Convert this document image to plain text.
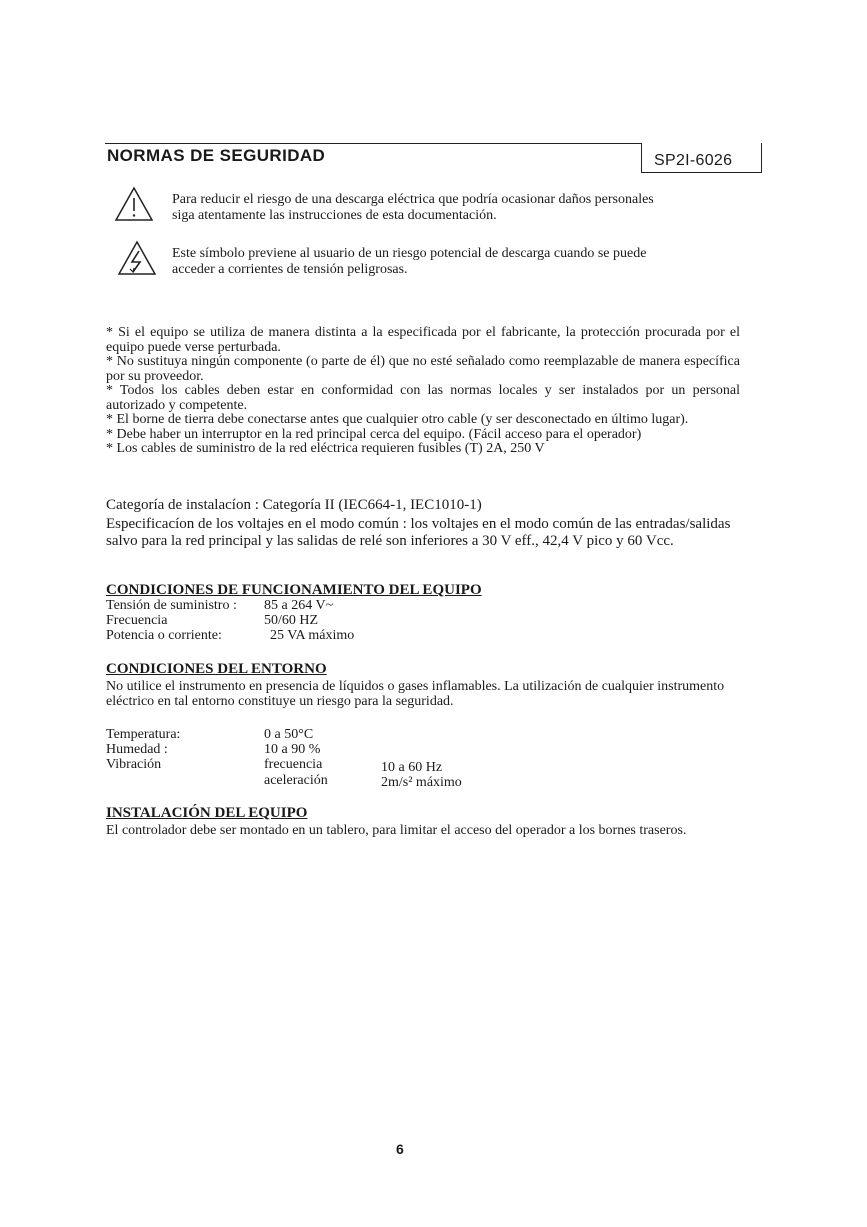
NORMAS DE SEGURIDAD	SP2I-6026
Para reducir el riesgo de una descarga eléctrica que podría ocasionar daños personales
siga atentamente las instrucciones de esta documentación.
Este símbolo previene al usuario de un riesgo potencial de descarga cuando se puede
acceder a corrientes de tensión peligrosas.
* Si el equipo se utiliza de manera distinta a la especificada por el fabricante, la protección procurada por el equipo puede verse perturbada.
* No sustituya ningún componente (o parte de él) que no esté señalado como reemplazable de manera específica por su proveedor.
* Todos los cables deben estar en conformidad con las normas locales y ser instalados por un personal autorizado y competente.
* El borne de tierra debe conectarse antes que cualquier otro cable (y ser desconectado en último lugar).
* Debe haber un interruptor en la red principal cerca del equipo. (Fácil acceso para el operador)
* Los cables de suministro de la red eléctrica requieren fusibles (T) 2A, 250 V
Categoría de instalacíon : Categoría II (IEC664-1, IEC1010-1)
Especificacíon de los voltajes en el modo común : los voltajes en el modo común de las entradas/salidas salvo para la red principal y las salidas de relé son inferiores a 30 V eff., 42,4 V pico y 60 Vcc.
CONDICIONES DE FUNCIONAMIENTO DEL EQUIPO
Tensión de suministro : 85 a 264 V~
Frecuencia	50/60 HZ
Potencia o corriente:	25 VA máximo
CONDICIONES DEL ENTORNO
No utilice el instrumento en presencia de líquidos o gases inflamables. La utilización de cualquier instrumento eléctrico en tal entorno constituye un riesgo para la seguridad.
Temperatura:	0 a 50°C
Humedad :	10 a 90 %
Vibración	frecuencia	10 a 60 Hz
aceleración	2m/s² máximo
INSTALACIÓN DEL EQUIPO
El controlador debe ser montado en un tablero, para limitar el acceso del operador a los bornes traseros.
6
